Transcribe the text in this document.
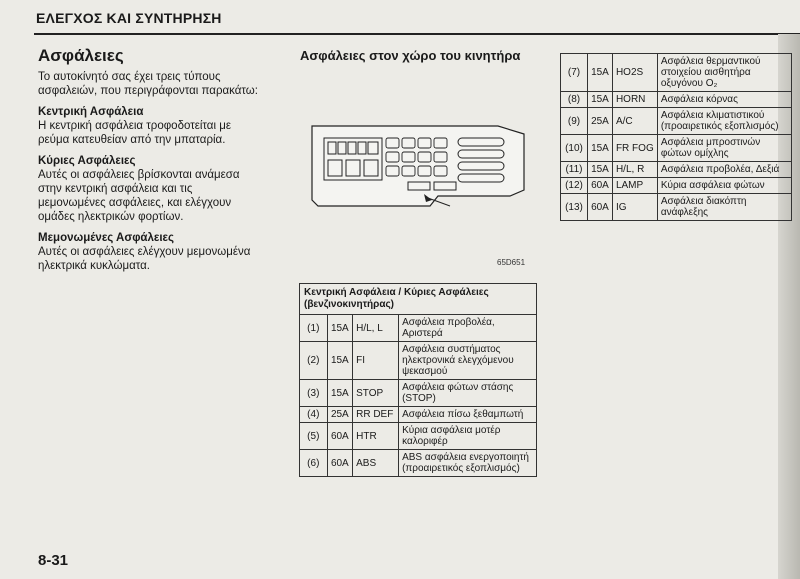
ΕΛΕΓΧΟΣ ΚΑΙ ΣΥΝΤΗΡΗΣΗ
Ασφάλειες

Το αυτοκίνητό σας έχει τρεις τύπους ασφαλειών, που περιγράφονται παρακάτω:

Κεντρική Ασφάλεια

Η κεντρική ασφάλεια τροφοδοτείται με ρεύμα κατευθείαν από την μπαταρία.

Κύριες Ασφάλειες

Αυτές οι ασφάλειες βρίσκονται ανάμεσα στην κεντρική ασφάλεια και τις μεμονωμένες ασφάλειες, και ελέγχουν ομάδες ηλεκτρικών φορτίων.

Μεμονωμένες Ασφάλειες

Αυτές οι ασφάλειες ελέγχουν μεμονωμένα ηλεκτρικά κυκλώματα.

8-31
Ασφάλειες στον χώρο του κινητήρα
65D651
Κεντρική Ασφάλεια / Κύριες Ασφάλειες (βενζινοκινητήρας)			
(1)	15A	H/L, L	Ασφάλεια προβολέα, Αριστερά
(2)	15A	FI	Ασφάλεια συστήματος ηλεκτρονικά ελεγχόμενου ψεκασμού
(3)	15A	STOP	Ασφάλεια φώτων στάσης (STOP)
(4)	25A	RR DEF	Ασφάλεια πίσω ξεθαμπωτή
(5)	60A	HTR	Κύρια ασφάλεια μοτέρ καλοριφέρ
(6)	60A	ABS	ABS ασφάλεια ενεργοποιητή (προαιρετικός εξοπλισμός)
(7)	15A	HO2S	Ασφάλεια θερμαντικού στοιχείου αισθητήρα οξυγόνου O₂
(8)	15A	HORN	Ασφάλεια κόρνας
(9)	25A	A/C	Ασφάλεια κλιματιστικού (προαιρετικός εξοπλισμός)
(10)	15A	FR FOG	Ασφάλεια μπροστινών φώτων ομίχλης
(11)	15A	H/L, R	Ασφάλεια προβολέα, Δεξιά
(12)	60A	LAMP	Κύρια ασφάλεια φώτων
(13)	60A	IG	Ασφάλεια διακόπτη ανάφλεξης
